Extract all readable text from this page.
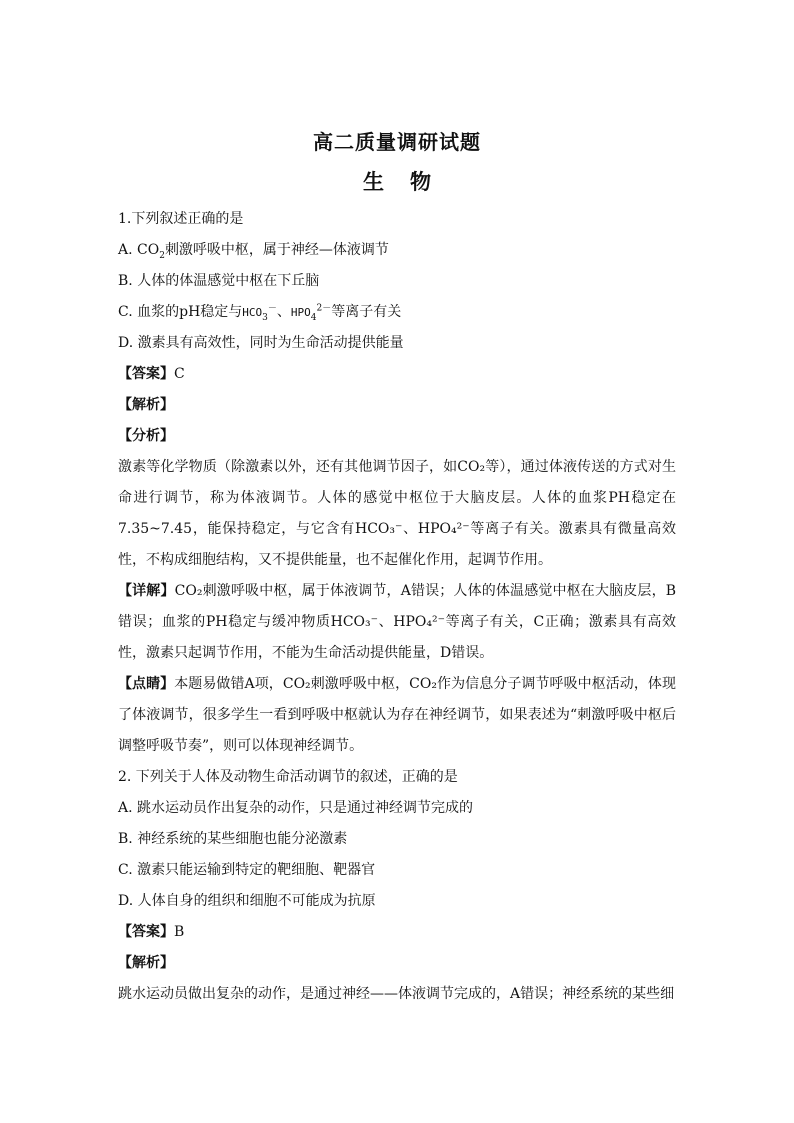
高二质量调研试题
生物
1.下列叙述正确的是
A. $CO_2$刺激呼吸中枢，属于神经—体液调节
B. 人体的体温感觉中枢在下丘脑
C. 血浆的pH稳定与$HCO_3^-$、$HPO_4^{2-}$等离子有关
D. 激素具有高效性，同时为生命活动提供能量
【答案】C
【解析】
【分析】
激素等化学物质（除激素以外，还有其他调节因子，如CO₂等），通过体液传送的方式对生命进行调节，称为体液调节。人体的感觉中枢位于大脑皮层。人体的血浆PH稳定在7.35~7.45，能保持稳定，与它含有HCO₃⁻、HPO₄²⁻等离子有关。激素具有微量高效性，不构成细胞结构，又不提供能量，也不起催化作用，起调节作用。
【详解】CO₂刺激呼吸中枢，属于体液调节，A错误；人体的体温感觉中枢在大脑皮层，B错误；血浆的PH稳定与缓冲物质HCO₃⁻、HPO₄²⁻等离子有关，C正确；激素具有高效性，激素只起调节作用，不能为生命活动提供能量，D错误。
【点睛】本题易做错A项，CO₂刺激呼吸中枢，CO₂作为信息分子调节呼吸中枢活动，体现了体液调节，很多学生一看到呼吸中枢就认为存在神经调节，如果表述为“刺激呼吸中枢后调整呼吸节奏”，则可以体现神经调节。
2. 下列关于人体及动物生命活动调节的叙述，正确的是
A. 跳水运动员作出复杂的动作，只是通过神经调节完成的
B. 神经系统的某些细胞也能分泌激素
C. 激素只能运输到特定的靶细胞、靶器官
D. 人体自身的组织和细胞不可能成为抗原
【答案】B
【解析】
跳水运动员做出复杂的动作，是通过神经——体液调节完成的，A错误；神经系统的某些细
